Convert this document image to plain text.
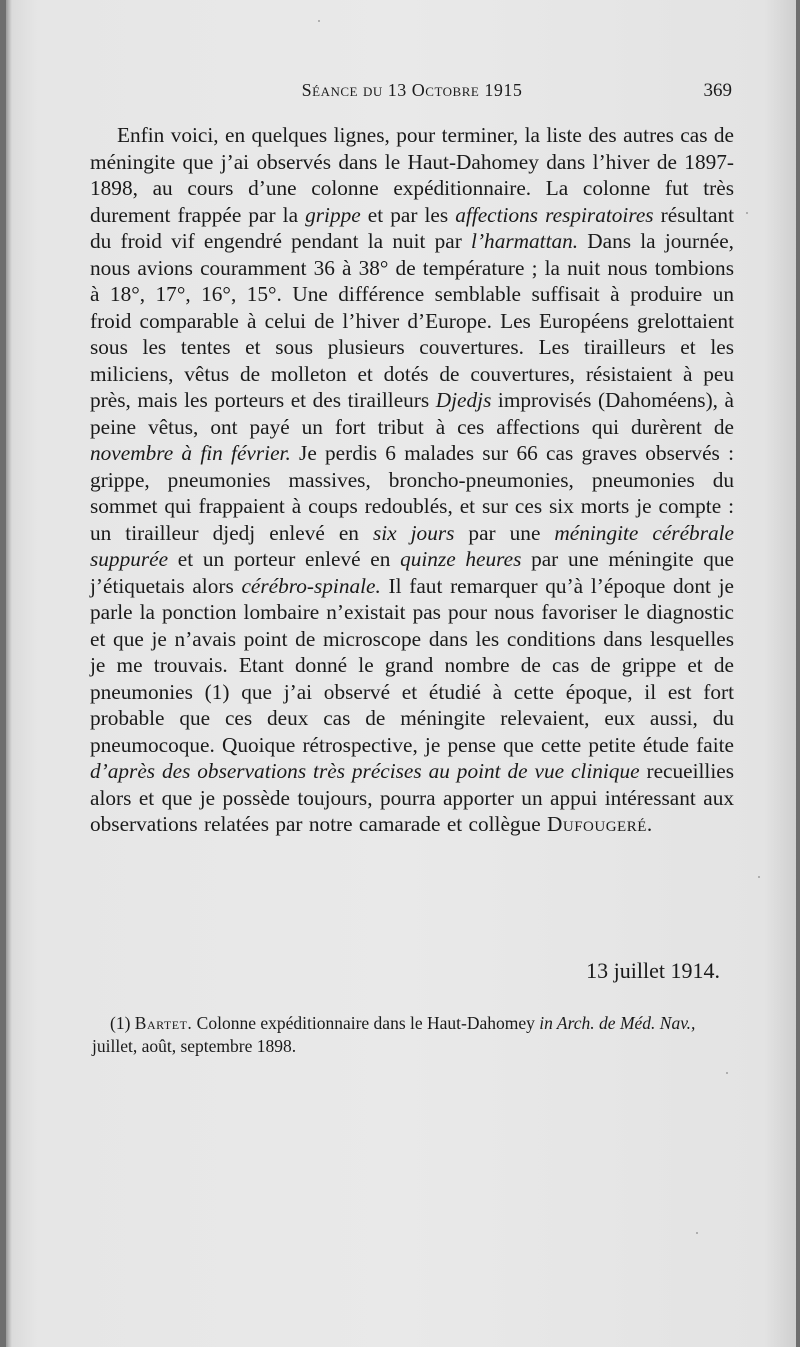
Séance du 13 Octobre 1915	369

Enfin voici, en quelques lignes, pour terminer, la liste des autres cas de méningite que j’ai observés dans le Haut-Dahomey dans l’hiver de 1897-1898, au cours d’une colonne expéditionnaire. La colonne fut très durement frappée par la grippe et par les affections respiratoires résultant du froid vif engendré pendant la nuit par l’harmattan. Dans la journée, nous avions couramment 36 à 38° de température ; la nuit nous tombions à 18°, 17°, 16°, 15°. Une différence semblable suffisait à produire un froid comparable à celui de l’hiver d’Europe. Les Européens grelottaient sous les tentes et sous plusieurs couvertures. Les tirailleurs et les miliciens, vêtus de molleton et dotés de couvertures, résistaient à peu près, mais les porteurs et des tirailleurs Djedjs improvisés (Dahoméens), à peine vêtus, ont payé un fort tribut à ces affections qui durèrent de novembre à fin février. Je perdis 6 malades sur 66 cas graves observés : grippe, pneumonies massives, broncho-pneumonies, pneumonies du sommet qui frappaient à coups redoublés, et sur ces six morts je compte : un tirailleur djedj enlevé en six jours par une méningite cérébrale suppurée et un porteur enlevé en quinze heures par une méningite que j’étiquetais alors cérébro-spinale. Il faut remarquer qu’à l’époque dont je parle la ponction lombaire n’existait pas pour nous favoriser le diagnostic et que je n’avais point de microscope dans les conditions dans lesquelles je me trouvais. Etant donné le grand nombre de cas de grippe et de pneumonies (1) que j’ai observé et étudié à cette époque, il est fort probable que ces deux cas de méningite relevaient, eux aussi, du pneumocoque. Quoique rétrospective, je pense que cette petite étude faite d’après des observations très précises au point de vue clinique recueillies alors et que je possède toujours, pourra apporter un appui intéressant aux observations relatées par notre camarade et collègue Dufougeré.

13 juillet 1914.
(1) Bartet. Colonne expéditionnaire dans le Haut-Dahomey in Arch. de Méd. Nav., juillet, août, septembre 1898.
